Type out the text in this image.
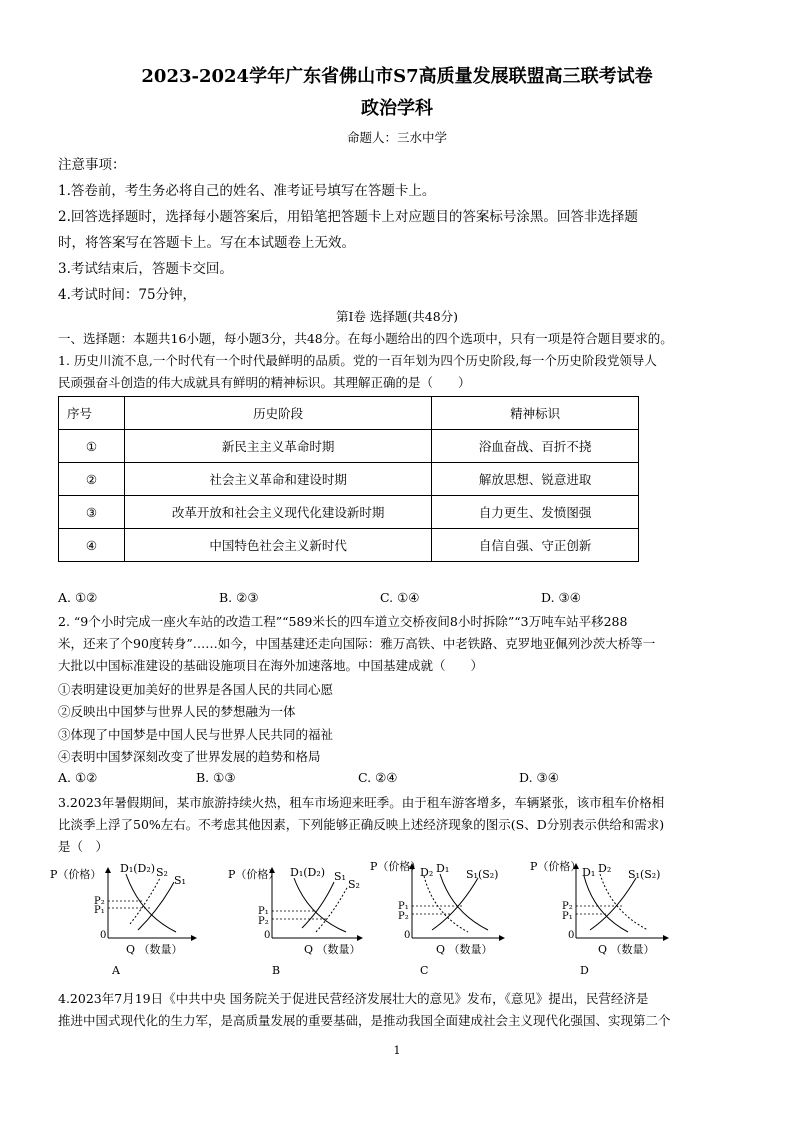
2023-2024学年广东省佛山市S7高质量发展联盟高三联考试卷
政治学科
命题人：三水中学
注意事项：
1.答卷前，考生务必将自己的姓名、准考证号填写在答题卡上。
2.回答选择题时，选择每小题答案后，用铅笔把答题卡上对应题目的答案标号涂黑。回答非选择题
时，将答案写在答题卡上。写在本试题卷上无效。
3.考试结束后，答题卡交回。
4.考试时间：75分钟，
第Ⅰ卷 选择题(共48分)
一、选择题：本题共16小题，每小题3分，共48分。在每小题给出的四个选项中，只有一项是符合题目要求的。
1. 历史川流不息,一个时代有一个时代最鲜明的品质。党的一百年划为四个历史阶段,每一个历史阶段党领导人
民顽强奋斗创造的伟大成就具有鲜明的精神标识。其理解正确的是（　　）
序号	历史阶段	精神标识
①	新民主主义革命时期	浴血奋战、百折不挠
②	社会主义革命和建设时期	解放思想、锐意进取
③	改革开放和社会主义现代化建设新时期	自力更生、发愤图强
④	中国特色社会主义新时代	自信自强、守正创新
A. ①②	B. ②③	C. ①④	D. ③④
2. “9个小时完成一座火车站的改造工程”“589米长的四车道立交桥夜间8小时拆除”“3万吨车站平移288
米，还来了个90度转身”……如今，中国基建还走向国际：雅万高铁、中老铁路、克罗地亚佩列沙茨大桥等一
大批以中国标准建设的基础设施项目在海外加速落地。中国基建成就（　　）
①表明建设更加美好的世界是各国人民的共同心愿
②反映出中国梦与世界人民的梦想融为一体
③体现了中国梦是中国人民与世界人民共同的福祉
④表明中国梦深刻改变了世界发展的趋势和格局
A. ①②	B. ①③	C. ②④	D. ③④
3.2023年暑假期间，某市旅游持续火热，租车市场迎来旺季。由于租车游客增多，车辆紧张，该市租车价格相
比淡季上浮了50%左右。不考虑其他因素，下列能够正确反映上述经济现象的图示(S、D分别表示供给和需求)
是（　）
P（价格） D₁(D₂) S₂
S₁
P₂
P₁
0
Q （数量）
A
P（价格） D₁(D₂) S₁
S₂
P₁
P₂
0
Q （数量）
B
P（价格）
D₂ D₁ S₁(S₂)
P₁
P₂
0
Q （数量）
C
P（价格） D₁ D₂ S₁(S₂)
P₂
P₁
0
Q （数量）
D
4.2023年7月19日《中共中央 国务院关于促进民营经济发展壮大的意见》发布，《意见》提出，民营经济是
推进中国式现代化的生力军，是高质量发展的重要基础，是推动我国全面建成社会主义现代化强国、实现第二个
1
